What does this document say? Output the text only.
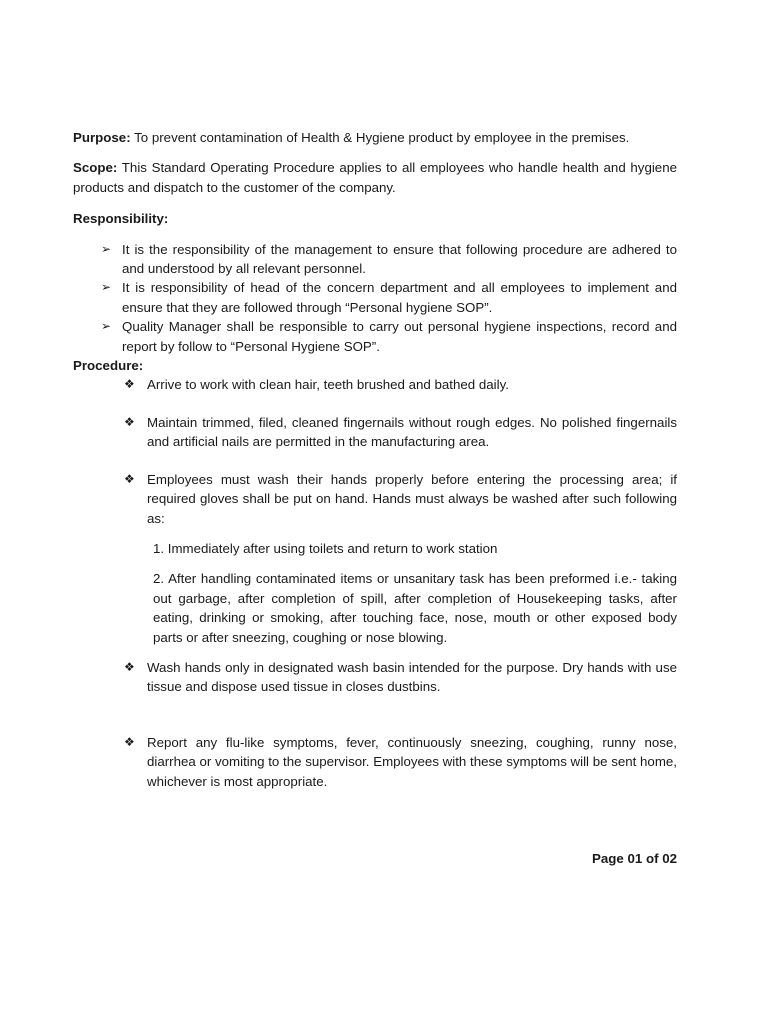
Purpose: To prevent contamination of Health & Hygiene product by employee in the premises.

Scope: This Standard Operating Procedure applies to all employees who handle health and hygiene products and dispatch to the customer of the company.

Responsibility:

➢ It is the responsibility of the management to ensure that following procedure are adhered to and understood by all relevant personnel.
➢ It is responsibility of head of the concern department and all employees to implement and ensure that they are followed through “Personal hygiene SOP”.
➢ Quality Manager shall be responsible to carry out personal hygiene inspections, record and report by follow to “Personal Hygiene SOP”.

Procedure:

❖ Arrive to work with clean hair, teeth brushed and bathed daily.
❖ Maintain trimmed, filed, cleaned fingernails without rough edges. No polished fingernails and artificial nails are permitted in the manufacturing area.
❖ Employees must wash their hands properly before entering the processing area; if required gloves shall be put on hand. Hands must always be washed after such following as:

1. Immediately after using toilets and return to work station

2. After handling contaminated items or unsanitary task has been preformed i.e.- taking out garbage, after completion of spill, after completion of Housekeeping tasks, after eating, drinking or smoking, after touching face, nose, mouth or other exposed body parts or after sneezing, coughing or nose blowing.

❖ Wash hands only in designated wash basin intended for the purpose. Dry hands with use tissue and dispose used tissue in closes dustbins.
❖ Report any flu-like symptoms, fever, continuously sneezing, coughing, runny nose, diarrhea or vomiting to the supervisor. Employees with these symptoms will be sent home, whichever is most appropriate.
Page 01 of 02
